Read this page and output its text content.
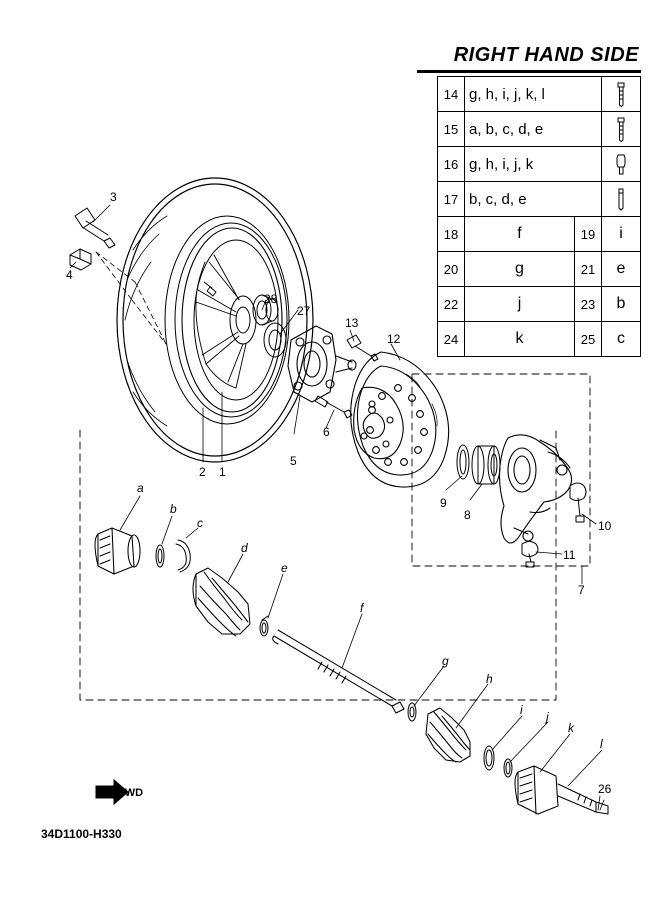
RIGHT HAND SIDE
14	g, h, i, j, k, l	

15	a, b, c, d, e	

16	g, h, i, j, k	

17	b, c, d, e	

18	f	19	i
20	g	21	e
22	j	23	b
24	k	25	c
3
4
1
2
28
27
5
6
13
12
9
8
10
11
7
26
a
b
c
d
e
f
g
h
i j
k
l
FWD
34D1100-H330
